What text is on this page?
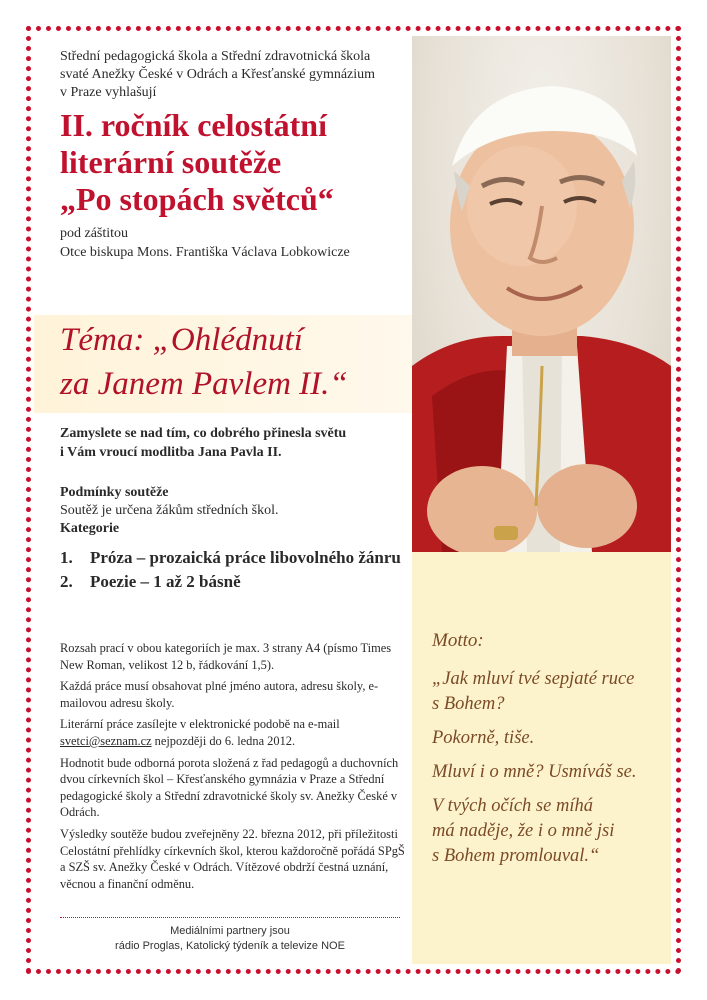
Střední pedagogická škola a Střední zdravotnická škola
svaté Anežky České v Odrách a Křesťanské gymnázium
v Praze vyhlašují
II. ročník celostátní
literární soutěže
„Po stopách světců“
pod záštitou
Otce biskupa Mons. Františka Václava Lobkowicze
Téma: „Ohlédnutí
za Janem Pavlem II.“
Zamyslete se nad tím, co dobrého přinesla světu
i Vám vroucí modlitba Jana Pavla II.
Podmínky soutěže
Soutěž je určena žákům středních škol.
Kategorie
1.	Próza – prozaická práce libovolného žánru
2.	Poezie – 1 až 2 básně

Rozsah prací v obou kategoriích je max. 3 strany A4 (písmo Times New Roman, velikost 12 b, řádkování 1,5).

Každá práce musí obsahovat plné jméno autora, adresu školy, e-mailovou adresu školy.

Literární práce zasílejte v elektronické podobě na e-mail
svetci@seznam.cz nejpozději do 6. ledna 2012.

Hodnotit bude odborná porota složená z řad pedagogů a duchovních dvou církevních škol – Křesťanského gymnázia v Praze a Střední pedagogické školy a Střední zdravotnické školy sv. Anežky České v Odrách.

Výsledky soutěže budou zveřejněny 22. března 2012, při příležitosti Celostátní přehlídky církevních škol, kterou každoročně pořádá SPgŠ a SZŠ sv. Anežky České v Odrách. Vítězové obdrží čestná uznání, věcnou a finanční odměnu.

Mediálními partnery jsou
rádio Proglas, Katolický týdeník a televize NOE
Motto:

„Jak mluví tvé sepjaté ruce
s Bohem?

Pokorně, tiše.

Mluví i o mně? Usmíváš se.

V tvých očích se míhá
má naděje, že i o mně jsi
s Bohem promlouval.“
